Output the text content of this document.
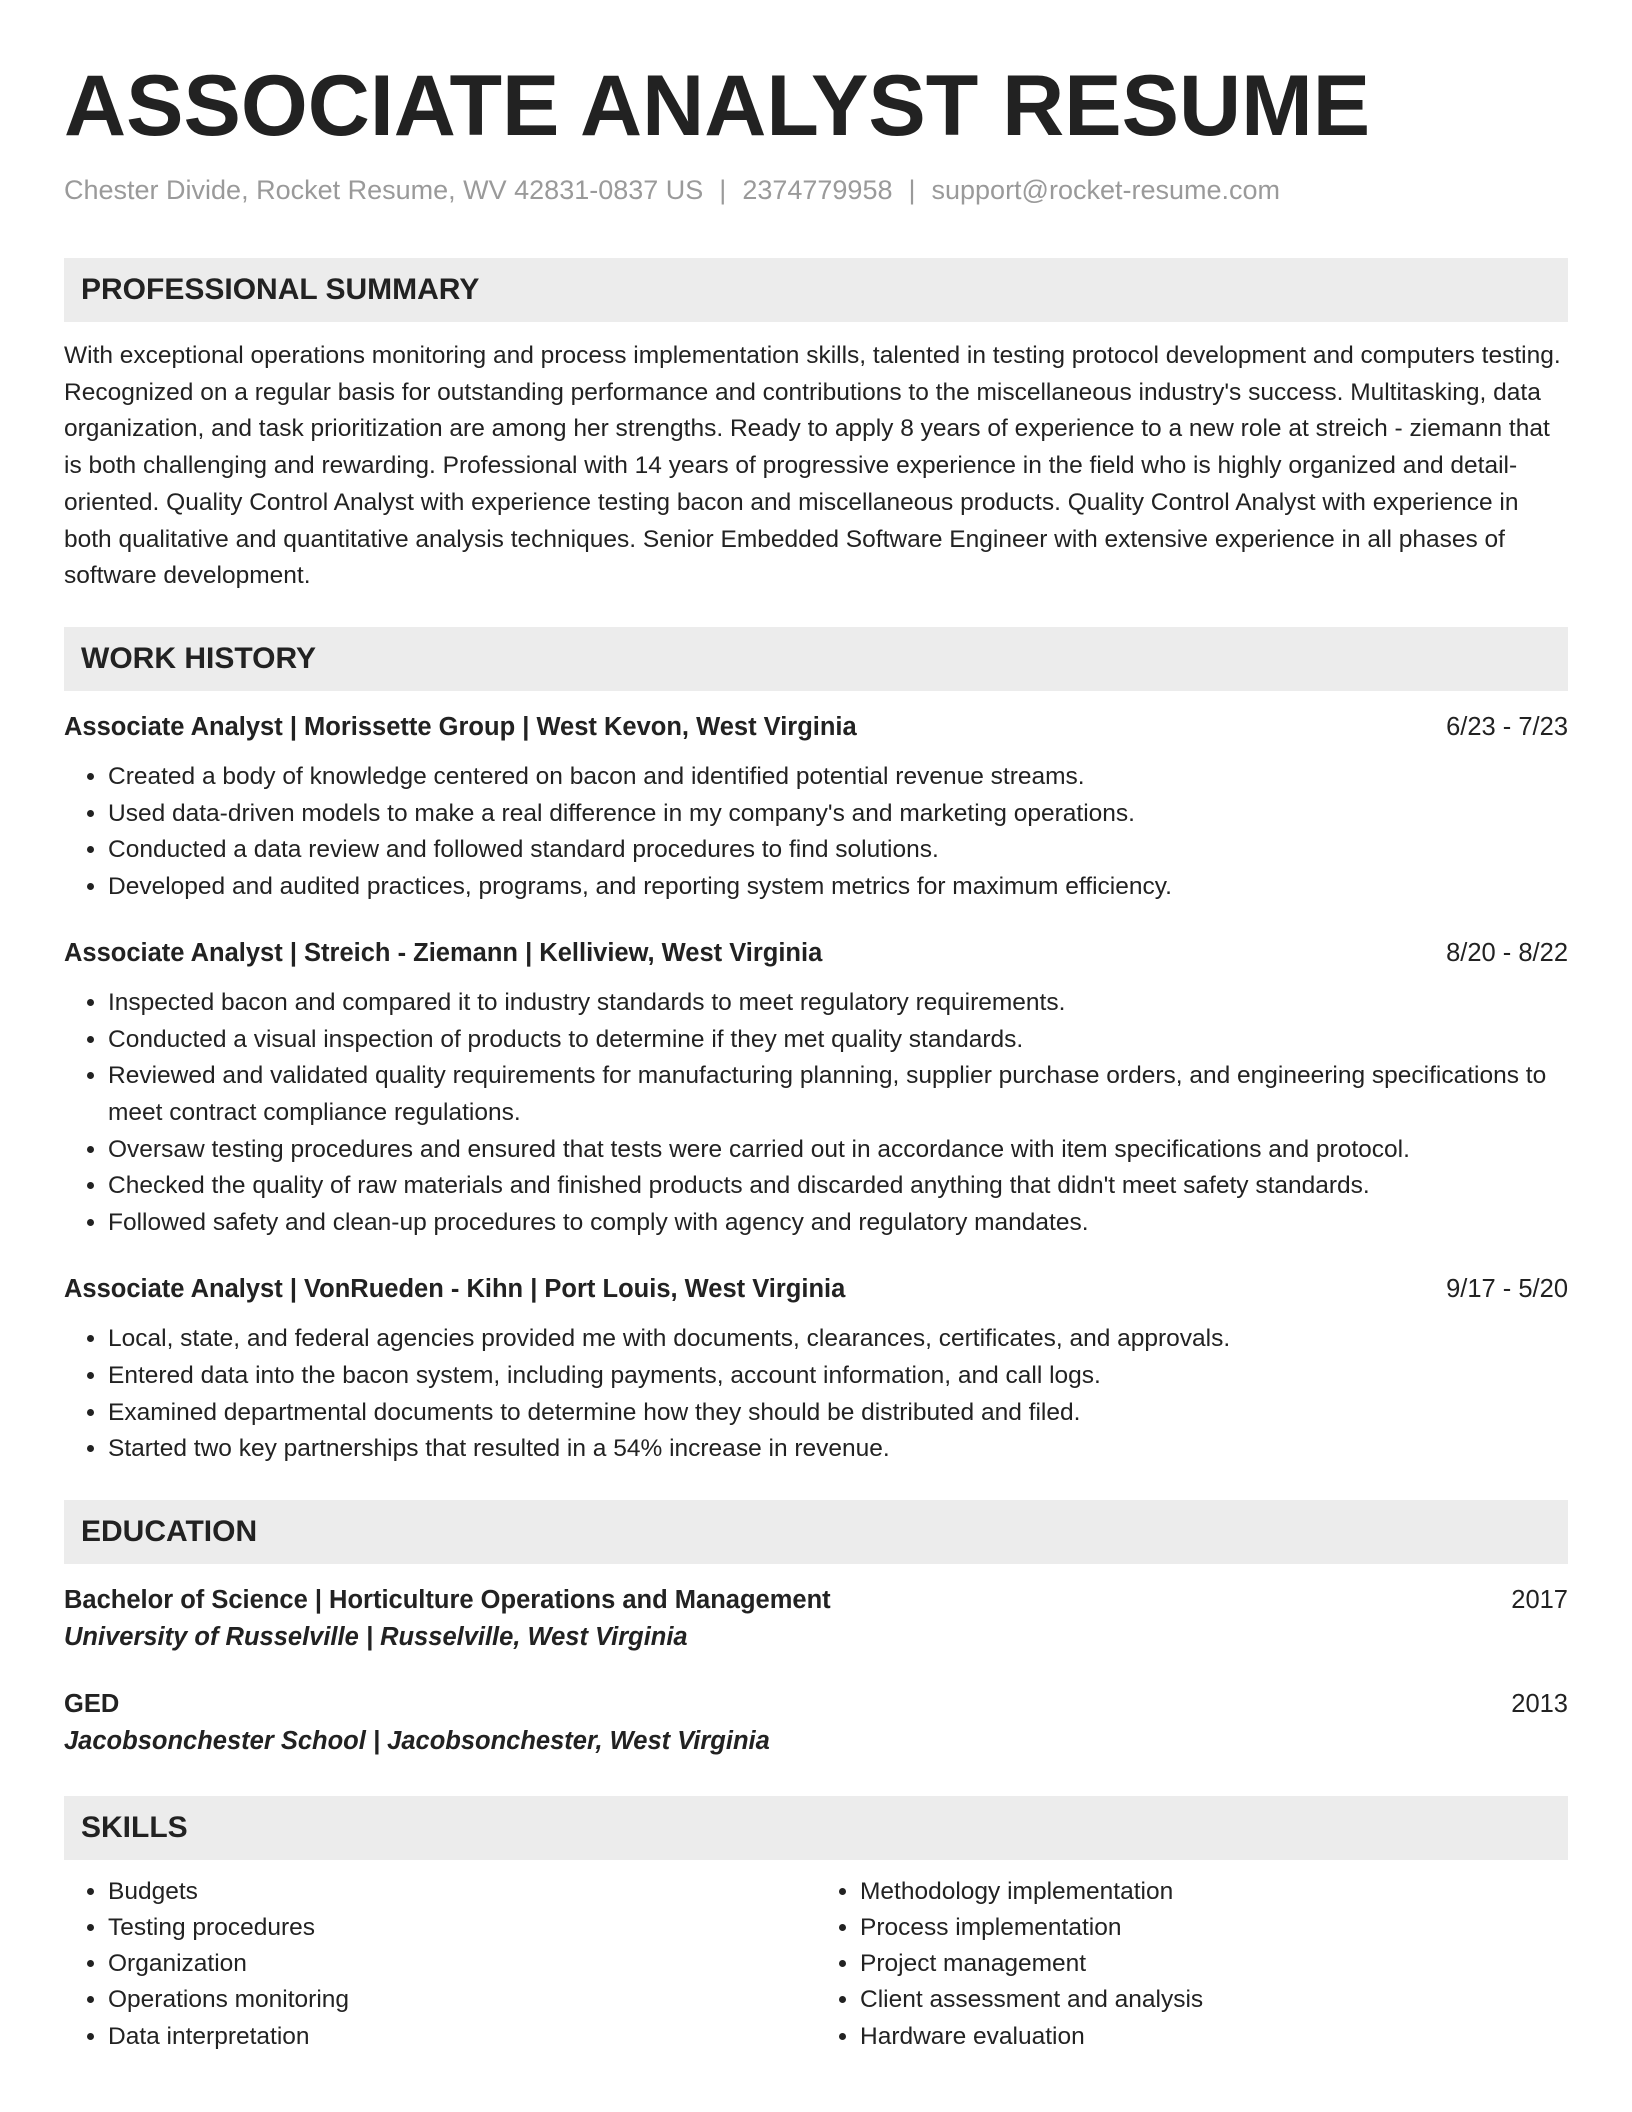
ASSOCIATE ANALYST RESUME
Chester Divide, Rocket Resume, WV 42831-0837 US | 2374779958 | support@rocket-resume.com
PROFESSIONAL SUMMARY
With exceptional operations monitoring and process implementation skills, talented in testing protocol development and computers testing. Recognized on a regular basis for outstanding performance and contributions to the miscellaneous industry's success. Multitasking, data organization, and task prioritization are among her strengths. Ready to apply 8 years of experience to a new role at streich - ziemann that is both challenging and rewarding. Professional with 14 years of progressive experience in the field who is highly organized and detail-oriented. Quality Control Analyst with experience testing bacon and miscellaneous products. Quality Control Analyst with experience in both qualitative and quantitative analysis techniques. Senior Embedded Software Engineer with extensive experience in all phases of software development.
WORK HISTORY
Associate Analyst | Morissette Group | West Kevon, West Virginia	6/23 - 7/23
• Created a body of knowledge centered on bacon and identified potential revenue streams.
• Used data-driven models to make a real difference in my company's and marketing operations.
• Conducted a data review and followed standard procedures to find solutions.
• Developed and audited practices, programs, and reporting system metrics for maximum efficiency.
Associate Analyst | Streich - Ziemann | Kelliview, West Virginia	8/20 - 8/22
• Inspected bacon and compared it to industry standards to meet regulatory requirements.
• Conducted a visual inspection of products to determine if they met quality standards.
• Reviewed and validated quality requirements for manufacturing planning, supplier purchase orders, and engineering specifications to meet contract compliance regulations.
• Oversaw testing procedures and ensured that tests were carried out in accordance with item specifications and protocol.
• Checked the quality of raw materials and finished products and discarded anything that didn't meet safety standards.
• Followed safety and clean-up procedures to comply with agency and regulatory mandates.
Associate Analyst | VonRueden - Kihn | Port Louis, West Virginia	9/17 - 5/20
• Local, state, and federal agencies provided me with documents, clearances, certificates, and approvals.
• Entered data into the bacon system, including payments, account information, and call logs.
• Examined departmental documents to determine how they should be distributed and filed.
• Started two key partnerships that resulted in a 54% increase in revenue.
EDUCATION
Bachelor of Science | Horticulture Operations and Management	2017
University of Russelville | Russelville, West Virginia
GED	2013
Jacobsonchester School | Jacobsonchester, West Virginia
SKILLS
• Budgets
• Testing procedures
• Organization
• Operations monitoring
• Data interpretation
• Methodology implementation
• Process implementation
• Project management
• Client assessment and analysis
• Hardware evaluation
